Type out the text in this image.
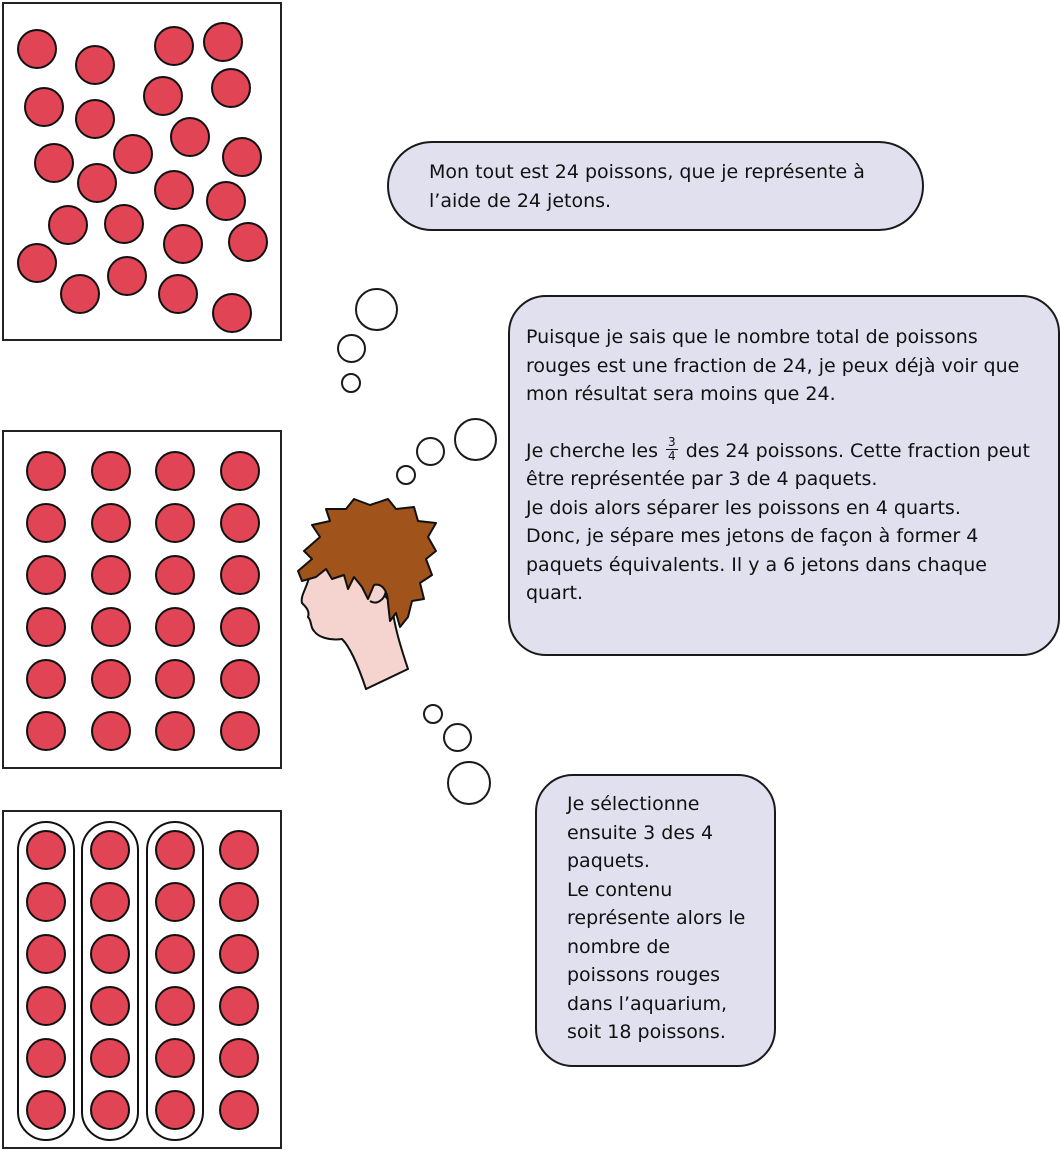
Mon tout est 24 poissons, que je représente à l’aide de 24 jetons.

Puisque je sais que le nombre total de poissons rouges est une fraction de 24, je peux déjà voir que mon résultat sera moins que 24.

Je cherche les $\frac{3}{4}$ des 24 poissons. Cette fraction peut être représentée par 3 de 4 paquets.

Je dois alors séparer les poissons en 4 quarts.

Donc, je sépare mes jetons de façon à former 4 paquets équivalents. Il y a 6 jetons dans chaque quart.

Je sélectionne ensuite 3 des 4 paquets.

Le contenu représente alors le nombre de poissons rouges dans l’aquarium, soit 18 poissons.
